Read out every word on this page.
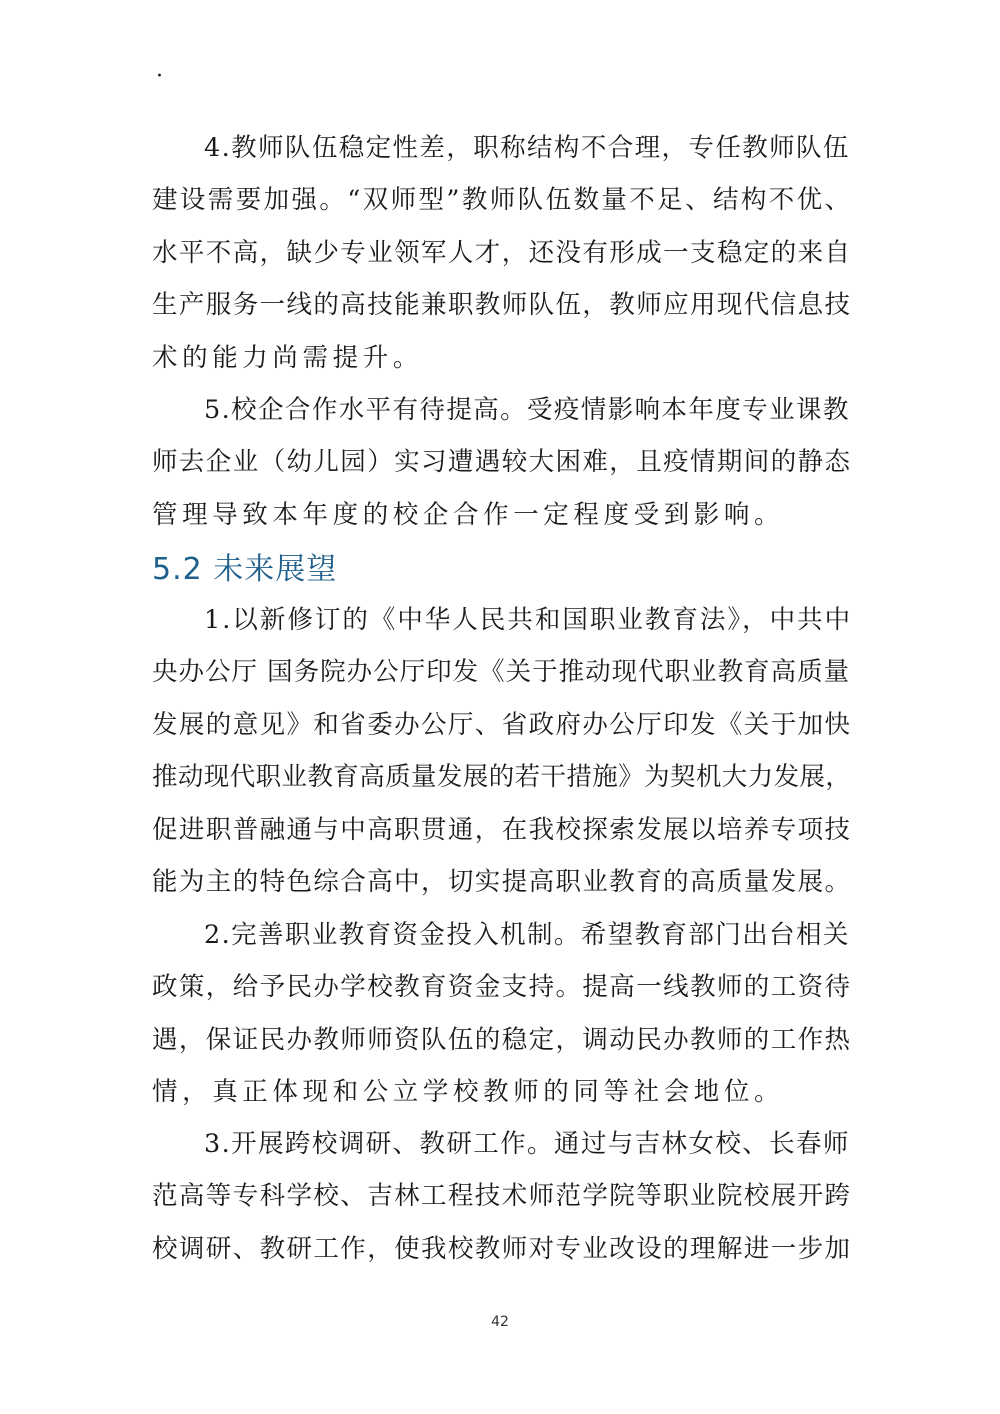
·
4.教师队伍稳定性差，职称结构不合理，专任教师队伍
建设需要加强。“双师型”教师队伍数量不足、结构不优、
水平不高，缺少专业领军人才，还没有形成一支稳定的来自
生产服务一线的高技能兼职教师队伍，教师应用现代信息技
术的能力尚需提升。
5.校企合作水平有待提高。受疫情影响本年度专业课教
师去企业（幼儿园）实习遭遇较大困难，且疫情期间的静态
管理导致本年度的校企合作一定程度受到影响。
5.2 未来展望
1.以新修订的《中华人民共和国职业教育法》，中共中
央办公厅 国务院办公厅印发《关于推动现代职业教育高质量
发展的意见》和省委办公厅、省政府办公厅印发《关于加快
推动现代职业教育高质量发展的若干措施》为契机大力发展，
促进职普融通与中高职贯通，在我校探索发展以培养专项技
能为主的特色综合高中，切实提高职业教育的高质量发展。
2.完善职业教育资金投入机制。希望教育部门出台相关
政策，给予民办学校教育资金支持。提高一线教师的工资待
遇，保证民办教师师资队伍的稳定，调动民办教师的工作热
情，真正体现和公立学校教师的同等社会地位。
3.开展跨校调研、教研工作。通过与吉林女校、长春师
范高等专科学校、吉林工程技术师范学院等职业院校展开跨
校调研、教研工作，使我校教师对专业改设的理解进一步加
42
